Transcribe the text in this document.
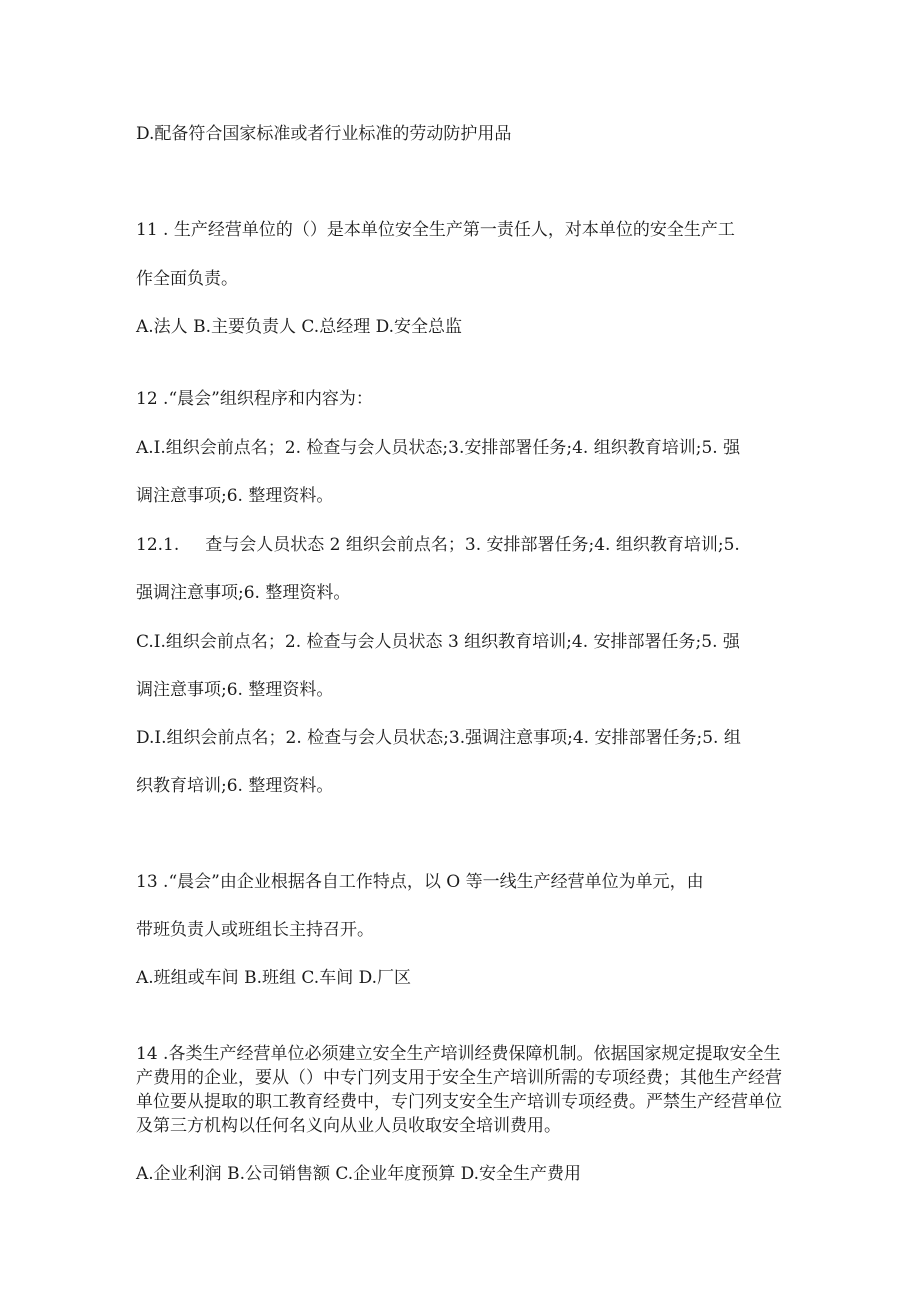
D.配备符合国家标准或者行业标准的劳动防护用品
11 . 生产经营单位的（）是本单位安全生产第一责任人，对本单位的安全生产工
作全面负责。
A.法人 B.主要负责人 C.总经理 D.安全总监
12 .“晨会”组织程序和内容为：
A.I.组织会前点名；2. 检查与会人员状态;3.安排部署任务;4. 组织教育培训;5. 强
调注意事项;6. 整理资料。
12.1. 查与会人员状态 2 组织会前点名；3. 安排部署任务;4. 组织教育培训;5.
强调注意事项;6. 整理资料。
C.I.组织会前点名；2. 检查与会人员状态 3 组织教育培训;4. 安排部署任务;5. 强
调注意事项;6. 整理资料。
D.I.组织会前点名；2. 检查与会人员状态;3.强调注意事项;4. 安排部署任务;5. 组
织教育培训;6. 整理资料。
13 .“晨会”由企业根据各自工作特点，以 O 等一线生产经营单位为单元，由
带班负责人或班组长主持召开。
A.班组或车间 B.班组 C.车间 D.厂区
14 .各类生产经营单位必须建立安全生产培训经费保障机制。依据国家规定提取安全生产费用的企业，要从（）中专门列支用于安全生产培训所需的专项经费；其他生产经营单位要从提取的职工教育经费中，专门列支安全生产培训专项经费。严禁生产经营单位及第三方机构以任何名义向从业人员收取安全培训费用。
A.企业利润 B.公司销售额 C.企业年度预算 D.安全生产费用
